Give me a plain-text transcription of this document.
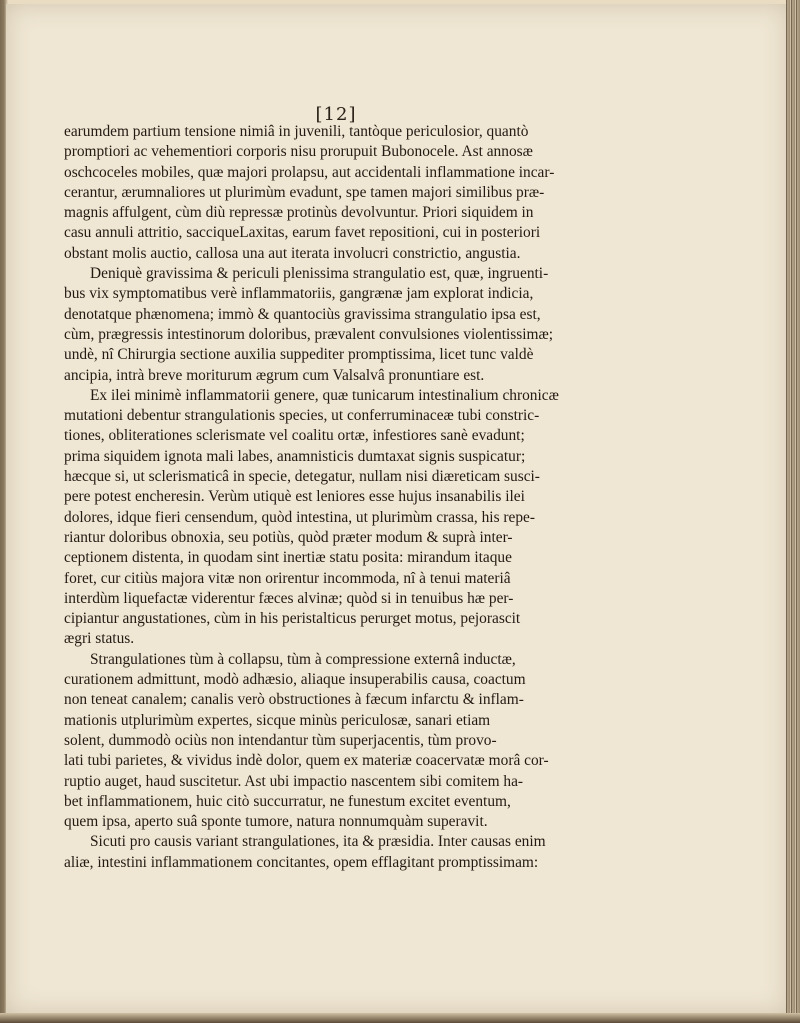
[12]

earumdem partium tensione nimiâ in juvenili, tantòque periculosior, quantò
promptiori ac vehementiori corporis nisu prorupuit Bubonocele. Ast annosæ
oschcoceles mobiles, quæ majori prolapsu, aut accidentali inflammatione incar-
cerantur, ærumnaliores ut plurimùm evadunt, spe tamen majori similibus præ-
magnis affulgent, cùm diù repressæ protinùs devolvuntur. Priori siquidem in
casu annuli attritio, sacciqueLaxitas, earum favet repositioni, cui in posteriori
obstant molis auctio, callosa una aut iterata involucri constrictio, angustia.

Deniquè gravissima & periculi plenissima strangulatio est, quæ, ingruenti-
bus vix symptomatibus verè inflammatoriis, gangrænæ jam explorat indicia,
denotatque phænomena; immò & quantociùs gravissima strangulatio ipsa est,
cùm, prægressis intestinorum doloribus, prævalent convulsiones violentissimæ;
undè, nî Chirurgia sectione auxilia suppediter promptissima, licet tunc valdè
ancipia, intrà breve moriturum ægrum cum Valsalvâ pronuntiare est.

Ex ilei minimè inflammatorii genere, quæ tunicarum intestinalium chronicæ
mutationi debentur strangulationis species, ut conferruminaceæ tubi constric-
tiones, obliterationes sclerismate vel coalitu ortæ, infestiores sanè evadunt;
prima siquidem ignota mali labes, anamnisticis dumtaxat signis suspicatur;
hæcque si, ut sclerismaticâ in specie, detegatur, nullam nisi diæreticam susci-
pere potest encheresin. Verùm utiquè est leniores esse hujus insanabilis ilei
dolores, idque fieri censendum, quòd intestina, ut plurimùm crassa, his repe-
riantur doloribus obnoxia, seu potiùs, quòd præter modum & suprà inter-
ceptionem distenta, in quodam sint inertiæ statu posita: mirandum itaque
foret, cur citiùs majora vitæ non orirentur incommoda, nî à tenui materiâ
interdùm liquefactæ viderentur fæces alvinæ; quòd si in tenuibus hæ per-
cipiantur angustationes, cùm in his peristalticus perurget motus, pejorascit
ægri status.

Strangulationes tùm à collapsu, tùm à compressione externâ inductæ,
curationem admittunt, modò adhæsio, aliaque insuperabilis causa, coactum
non teneat canalem; canalis verò obstructiones à fæcum infarctu & inflam-
mationis utplurimùm expertes, sicque minùs periculosæ, sanari etiam
solent, dummodò ociùs non intendantur tùm superjacentis, tùm provo-
lati tubi parietes, & vividus indè dolor, quem ex materiæ coacervatæ morâ cor-
ruptio auget, haud suscitetur. Ast ubi impactio nascentem sibi comitem ha-
bet inflammationem, huic citò succurratur, ne funestum excitet eventum,
quem ipsa, aperto suâ sponte tumore, natura nonnumquàm superavit.

Sicuti pro causis variant strangulationes, ita & præsidia. Inter causas enim
aliæ, intestini inflammationem concitantes, opem efflagitant promptissimam:
